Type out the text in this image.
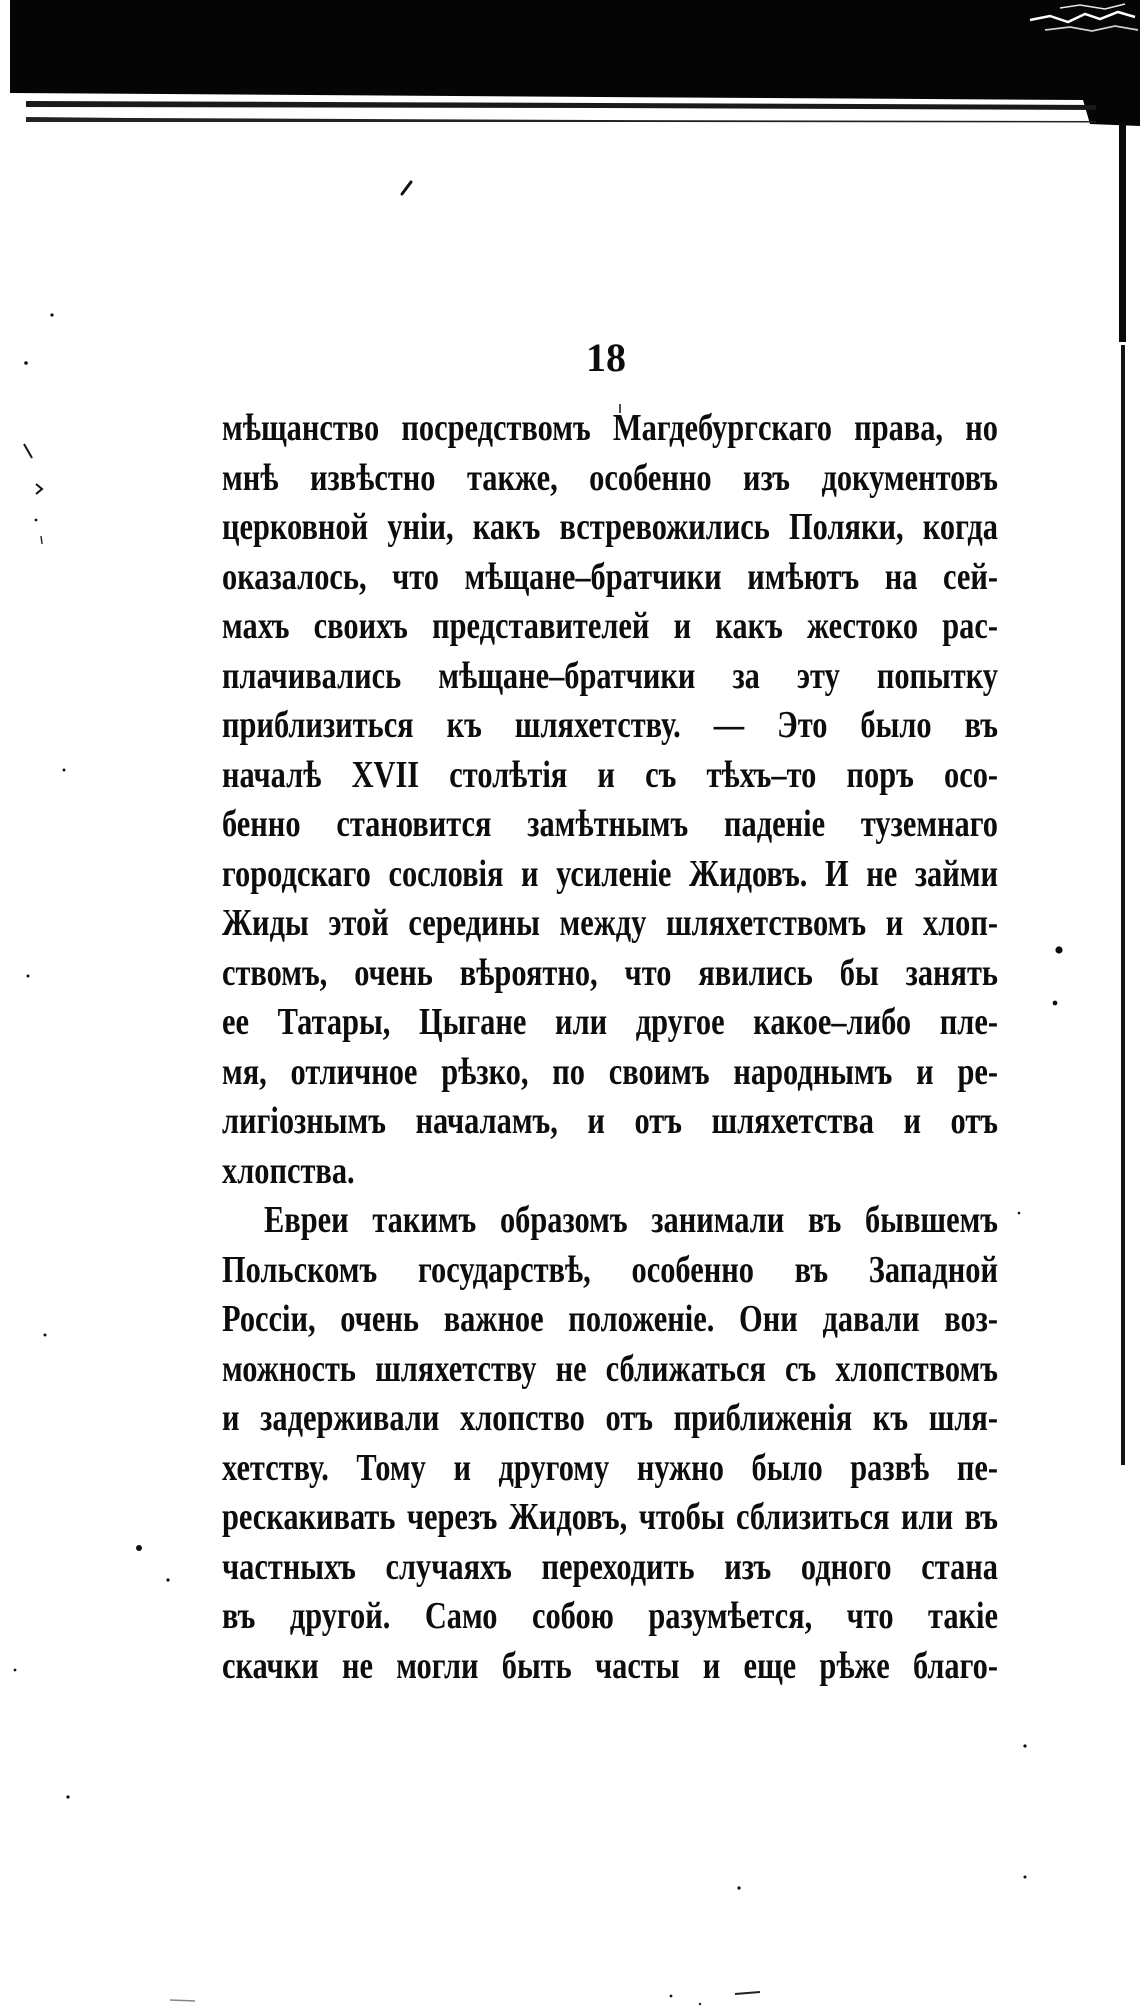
18
мѣщанство посредствомъ Магдебургскаго права, но
мнѣ извѣстно также, особенно изъ документовъ
церковной уніи, какъ встревожились Поляки, когда
оказалось, что мѣщане–братчики имѣютъ на сей-
махъ своихъ представителей и какъ жестоко рас-
плачивались мѣщане–братчики за эту попытку
приблизиться къ шляхетству. — Это было въ
началѣ XVII столѣтія и съ тѣхъ–то поръ осо-
бенно становится замѣтнымъ паденіе туземнаго
городскаго сословія и усиленіе Жидовъ. И не займи
Жиды этой середины между шляхетствомъ и хлоп-
ствомъ, очень вѣроятно, что явились бы занять
ее Татары, Цыгане или другое какое–либо пле-
мя, отличное рѣзко, по своимъ народнымъ и ре-
лигіознымъ началамъ, и отъ шляхетства и отъ
хлопства.
Евреи такимъ образомъ занимали въ бывшемъ
Польскомъ государствѣ, особенно въ Западной
Россіи, очень важное положеніе. Они давали воз-
можность шляхетству не сближаться съ хлопствомъ
и задерживали хлопство отъ приближенія къ шля-
хетству. Тому и другому нужно было развѣ пе-
рескакивать черезъ Жидовъ, чтобы сблизиться или въ
частныхъ случаяхъ переходить изъ одного стана
въ другой. Само собою разумѣется, что такіе
скачки не могли быть часты и еще рѣже благо-
